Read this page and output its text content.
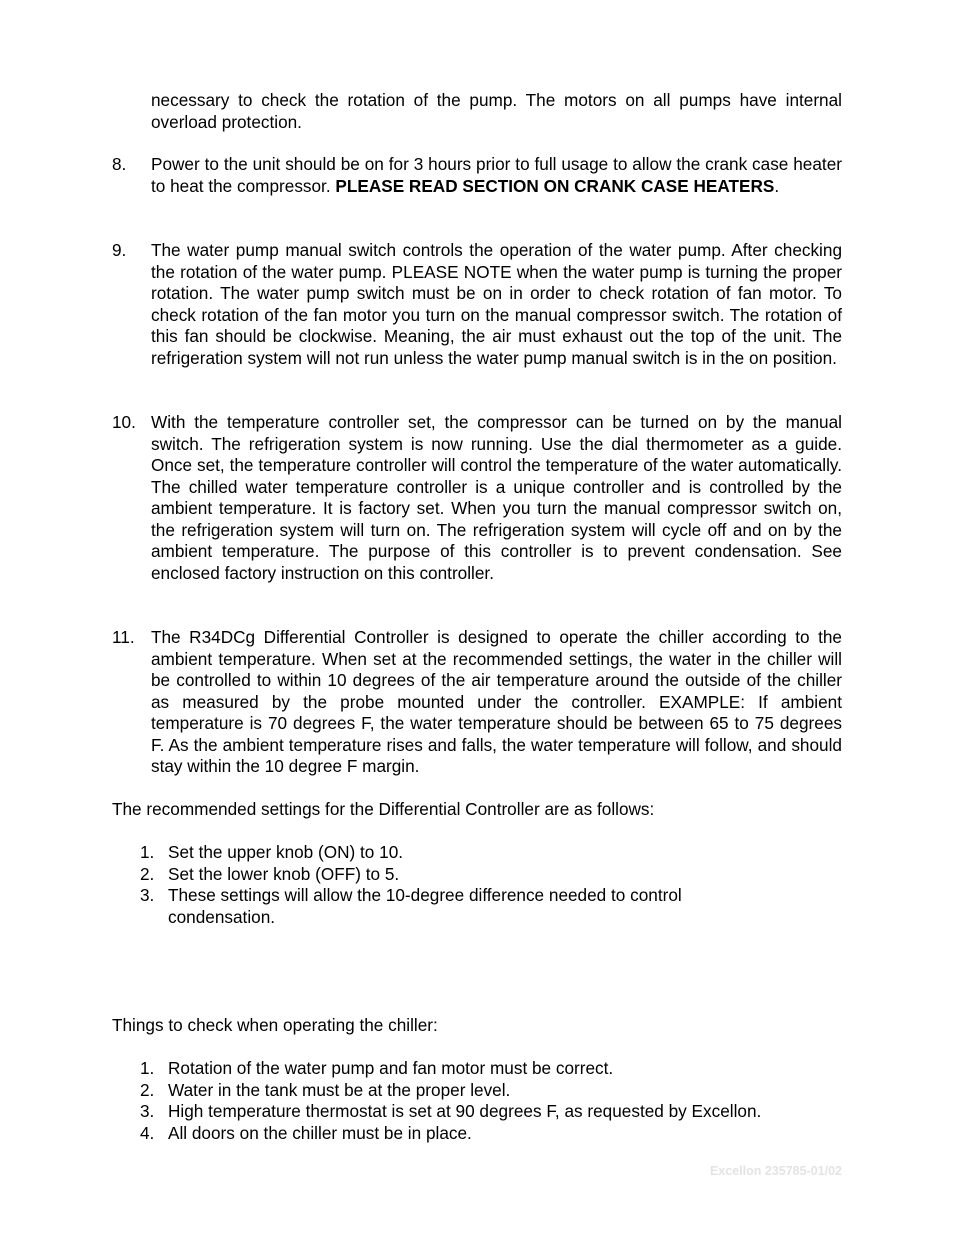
necessary to check the rotation of the pump. The motors on all pumps have internal overload protection.

8.	Power to the unit should be on for 3 hours prior to full usage to allow the crank case heater to heat the compressor. PLEASE READ SECTION ON CRANK CASE HEATERS.
9.	The water pump manual switch controls the operation of the water pump. After checking the rotation of the water pump. PLEASE NOTE when the water pump is turning the proper rotation. The water pump switch must be on in order to check rotation of fan motor. To check rotation of the fan motor you turn on the manual compressor switch. The rotation of this fan should be clockwise. Meaning, the air must exhaust out the top of the unit. The refrigeration system will not run unless the water pump manual switch is in the on position.
10. With the temperature controller set, the compressor can be turned on by the manual switch. The refrigeration system is now running. Use the dial thermometer as a guide. Once set, the temperature controller will control the temperature of the water automatically. The chilled water temperature controller is a unique controller and is controlled by the ambient temperature. It is factory set. When you turn the manual compressor switch on, the refrigeration system will turn on. The refrigeration system will cycle off and on by the ambient temperature. The purpose of this controller is to prevent condensation. See enclosed factory instruction on this controller.
11. The R34DCg Differential Controller is designed to operate the chiller according to the ambient temperature. When set at the recommended settings, the water in the chiller will be controlled to within 10 degrees of the air temperature around the outside of the chiller as measured by the probe mounted under the controller. EXAMPLE: If ambient temperature is 70 degrees F, the water temperature should be between 65 to 75 degrees F. As the ambient temperature rises and falls, the water temperature will follow, and should stay within the 10 degree F margin.

The recommended settings for the Differential Controller are as follows:

1. Set the upper knob (ON) to 10.
2. Set the lower knob (OFF) to 5.
3. These settings will allow the 10-degree difference needed to control
condensation.

Things to check when operating the chiller:

1. Rotation of the water pump and fan motor must be correct.
2. Water in the tank must be at the proper level.
3. High temperature thermostat is set at 90 degrees F, as requested by Excellon.
4. All doors on the chiller must be in place.

Excellon 235785-01/02
